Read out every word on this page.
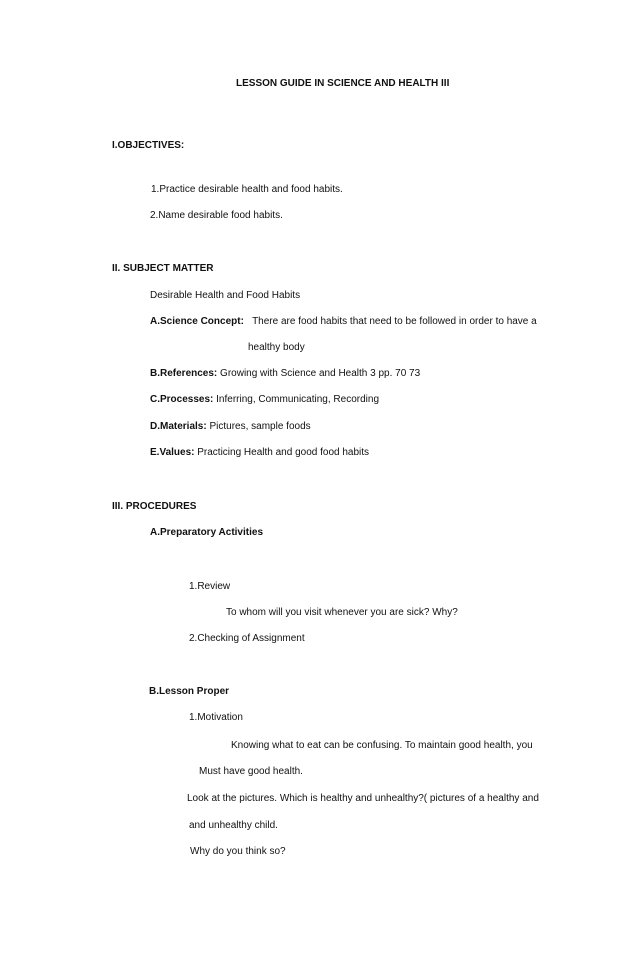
LESSON GUIDE IN SCIENCE AND HEALTH III
I.OBJECTIVES:
1.Practice desirable health and food habits.
2.Name desirable food habits.
II. SUBJECT MATTER
Desirable Health and Food Habits
A.Science Concept: There are food habits that need to be followed in order to have a
healthy body
B.References: Growing with Science and Health 3 pp. 70 73
C.Processes: Inferring, Communicating, Recording
D.Materials: Pictures, sample foods
E.Values: Practicing Health and good food habits
III. PROCEDURES
A.Preparatory Activities
1.Review
To whom will you visit whenever you are sick? Why?
2.Checking of Assignment
B.Lesson Proper
1.Motivation
Knowing what to eat can be confusing. To maintain good health, you
Must have good health.
Look at the pictures. Which is healthy and unhealthy?( pictures of a healthy and
and unhealthy child.
Why do you think so?
